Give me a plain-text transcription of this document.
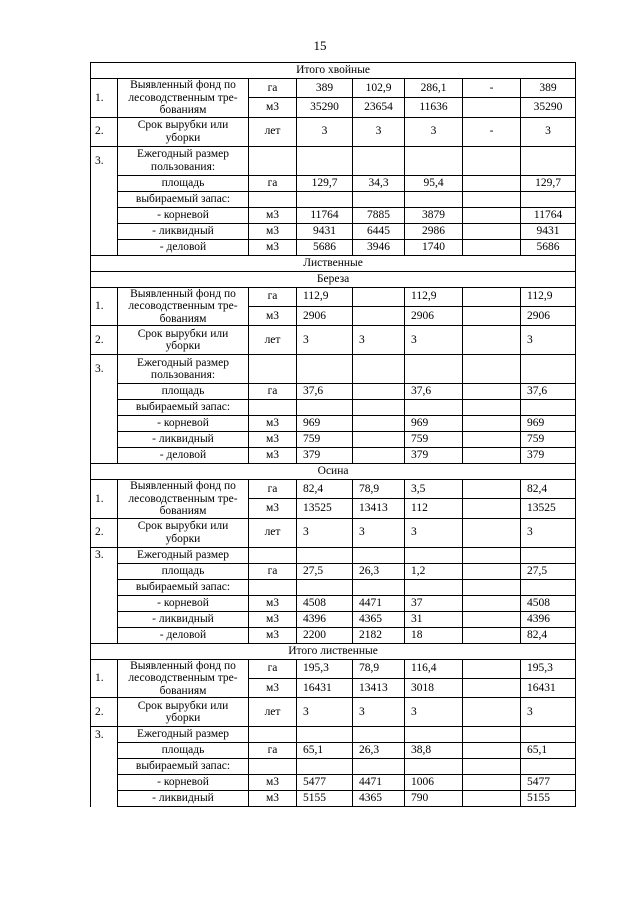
15
Итого хвойные							
1.	Выявленный фонд по лесоводственным тре-бованиям	га	389	102,9	286,1	-	389
		м3	35290	23654	11636		35290
2.	Срок вырубки или уборки	лет	3	3	3	-	3
3.	Ежегодный размер пользования:						
	площадь	га	129,7	34,3	95,4		129,7
	выбираемый запас:						
	- корневой	м3	11764	7885	3879		11764
	- ликвидный	м3	9431	6445	2986		9431
	- деловой	м3	5686	3946	1740		5686
Лиственные							
Береза							
1.	Выявленный фонд по лесоводственным тре-бованиям	га	112,9		112,9		112,9
		м3	2906		2906		2906
2.	Срок вырубки или уборки	лет	3	3	3		3
3.	Ежегодный размер пользования:						
	площадь	га	37,6		37,6		37,6
	выбираемый запас:						
	- корневой	м3	969		969		969
	- ликвидный	м3	759		759		759
	- деловой	м3	379		379		379
Осина							
1.	Выявленный фонд по лесоводственным тре-бованиям	га	82,4	78,9	3,5		82,4
		м3	13525	13413	112		13525
2.	Срок вырубки или уборки	лет	3	3	3		3
3.	Ежегодный размер						
	площадь	га	27,5	26,3	1,2		27,5
	выбираемый запас:						
	- корневой	м3	4508	4471	37		4508
	- ликвидный	м3	4396	4365	31		4396
	- деловой	м3	2200	2182	18		82,4
Итого лиственные							
1.	Выявленный фонд по лесоводственным тре-бованиям	га	195,3	78,9	116,4		195,3
		м3	16431	13413	3018		16431
2.	Срок вырубки или уборки	лет	3	3	3		3
3.	Ежегодный размер						
	площадь	га	65,1	26,3	38,8		65,1
	выбираемый запас:						
	- корневой	м3	5477	4471	1006		5477
	- ликвидный	м3	5155	4365	790		5155
